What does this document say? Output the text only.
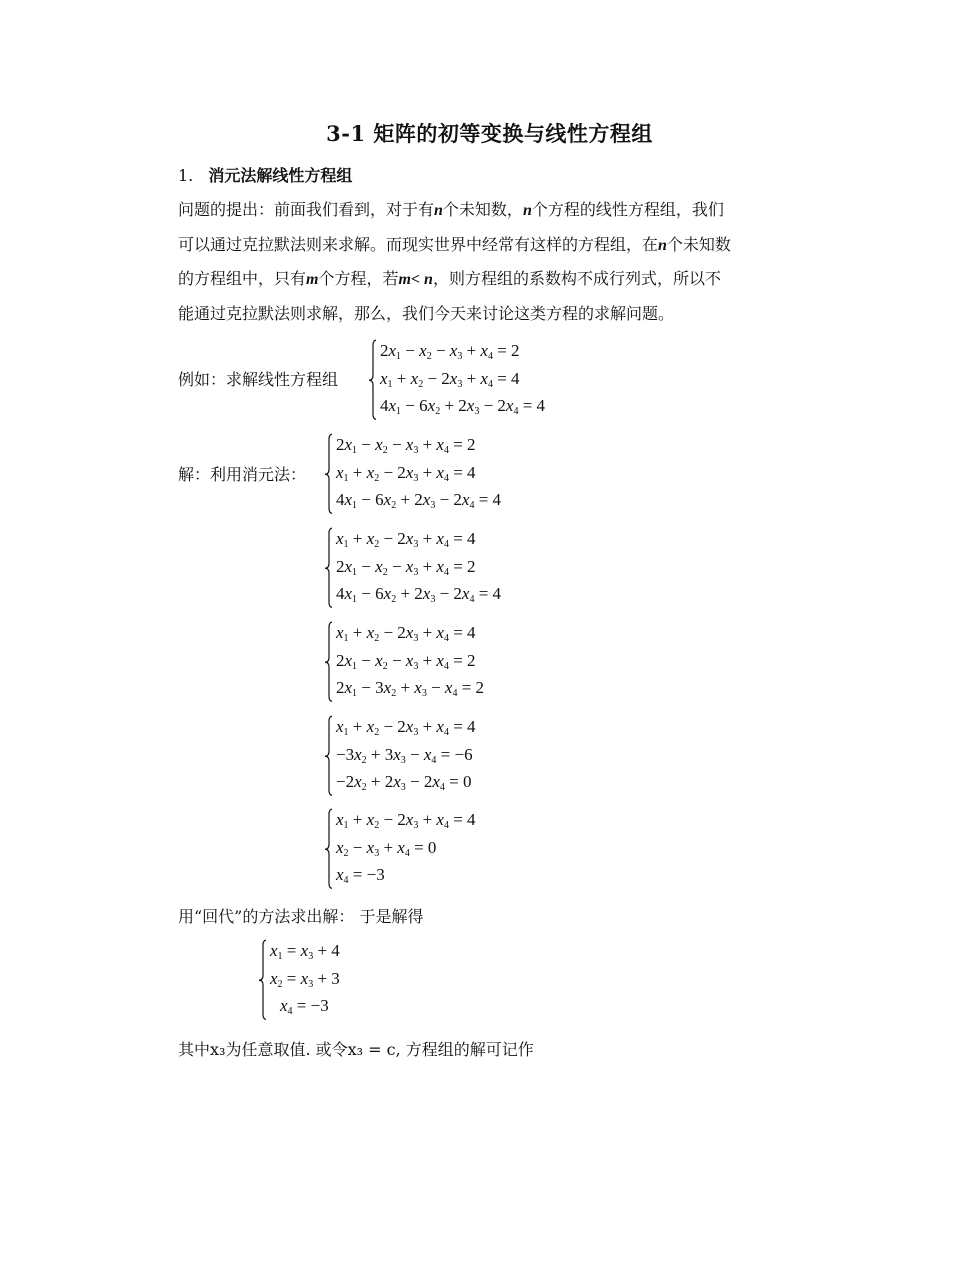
3-1 矩阵的初等变换与线性方程组
1. 消元法解线性方程组
问题的提出：前面我们看到，对于有n个未知数，n个方程的线性方程组，我们
可以通过克拉默法则来求解。而现实世界中经常有这样的方程组，在n个未知数
的方程组中，只有m个方程，若m< n，则方程组的系数构不成行列式，所以不
能通过克拉默法则求解，那么，我们今天来讨论这类方程的求解问题。
例如：求解线性方程组
解：利用消元法：
用“回代”的方法求出解： 于是解得
其中x₃为任意取值. 或令x₃ = c, 方程组的解可记作
$2x_1 - x_2 - x_3 + x_4 = 2$
$x_1 + x_2 - 2x_3 + x_4 = 4$
$4x_1 - 6x_2 + 2x_3 - 2x_4 = 4$
$2x_1 - x_2 - x_3 + x_4 = 2$
$x_1 + x_2 - 2x_3 + x_4 = 4$
$4x_1 - 6x_2 + 2x_3 - 2x_4 = 4$
$x_1 + x_2 - 2x_3 + x_4 = 4$
$2x_1 - x_2 - x_3 + x_4 = 2$
$4x_1 - 6x_2 + 2x_3 - 2x_4 = 4$
$x_1 + x_2 - 2x_3 + x_4 = 4$
$2x_1 - x_2 - x_3 + x_4 = 2$
$2x_1 - 3x_2 + x_3 - x_4 = 2$
$x_1 + x_2 - 2x_3 + x_4 = 4$
$-3x_2 + 3x_3 - x_4 = -6$
$-2x_2 + 2x_3 - 2x_4 = 0$
$x_1 + x_2 - 2x_3 + x_4 = 4$
$x_2 - x_3 + x_4 = 0$
$x_4 = -3$
$x_1 = x_3 + 4$
$x_2 = x_3 + 3$
$x_4 = -3$
